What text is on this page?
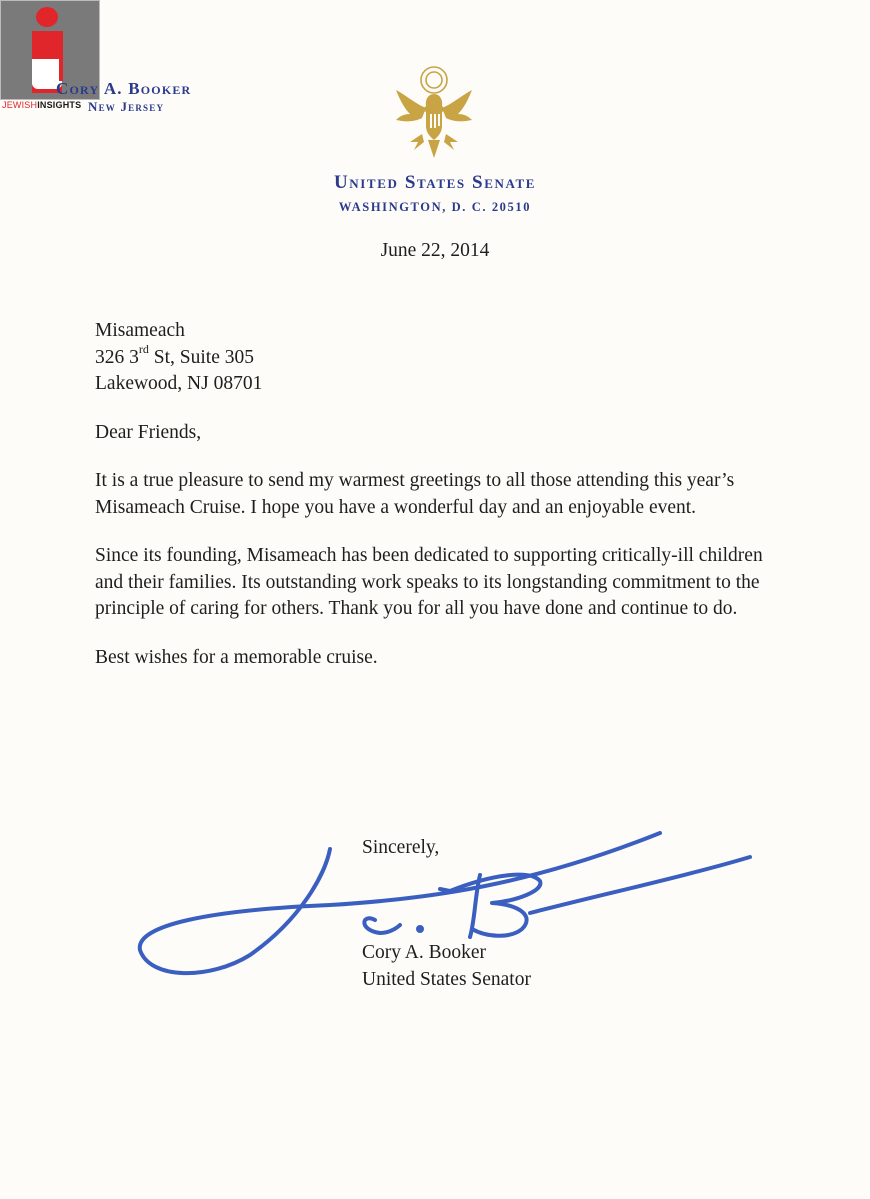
JEWISHINSIGHTS
Cory A. Booker
New Jersey
United States Senate
WASHINGTON, D. C. 20510
June 22, 2014
Misameach
326 3rd St, Suite 305
Lakewood, NJ 08701
Dear Friends,

It is a true pleasure to send my warmest greetings to all those attending this year’s Misameach Cruise. I hope you have a wonderful day and an enjoyable event.

Since its founding, Misameach has been dedicated to supporting critically-ill children and their families. Its outstanding work speaks to its longstanding commitment to the principle of caring for others. Thank you for all you have done and continue to do.

Best wishes for a memorable cruise.

Sincerely,
Cory A. Booker
United States Senator
